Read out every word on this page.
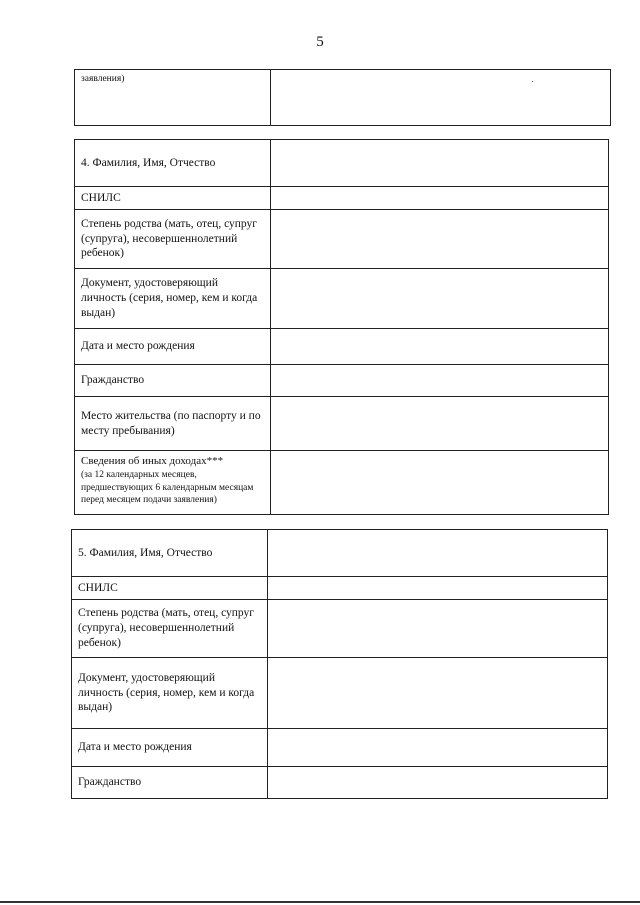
5
заявления)	
4. Фамилия, Имя, Отчество	
СНИЛС	
Степень родства (мать, отец, супруг (супруга), несовершеннолетний ребенок)	
Документ, удостоверяющий личность (серия, номер, кем и когда выдан)	
Дата и место рождения	
Гражданство	
Место жительства (по паспорту и по месту пребывания)	

Сведения об иных доходах***
(за 12 календарных месяцев, предшествующих 6 календарным месяцам перед месяцем подачи заявления)	

5. Фамилия, Имя, Отчество	
СНИЛС	
Степень родства (мать, отец, супруг (супруга), несовершеннолетний ребенок)	
Документ, удостоверяющий личность (серия, номер, кем и когда выдан)	
Дата и место рождения	
Гражданство	
